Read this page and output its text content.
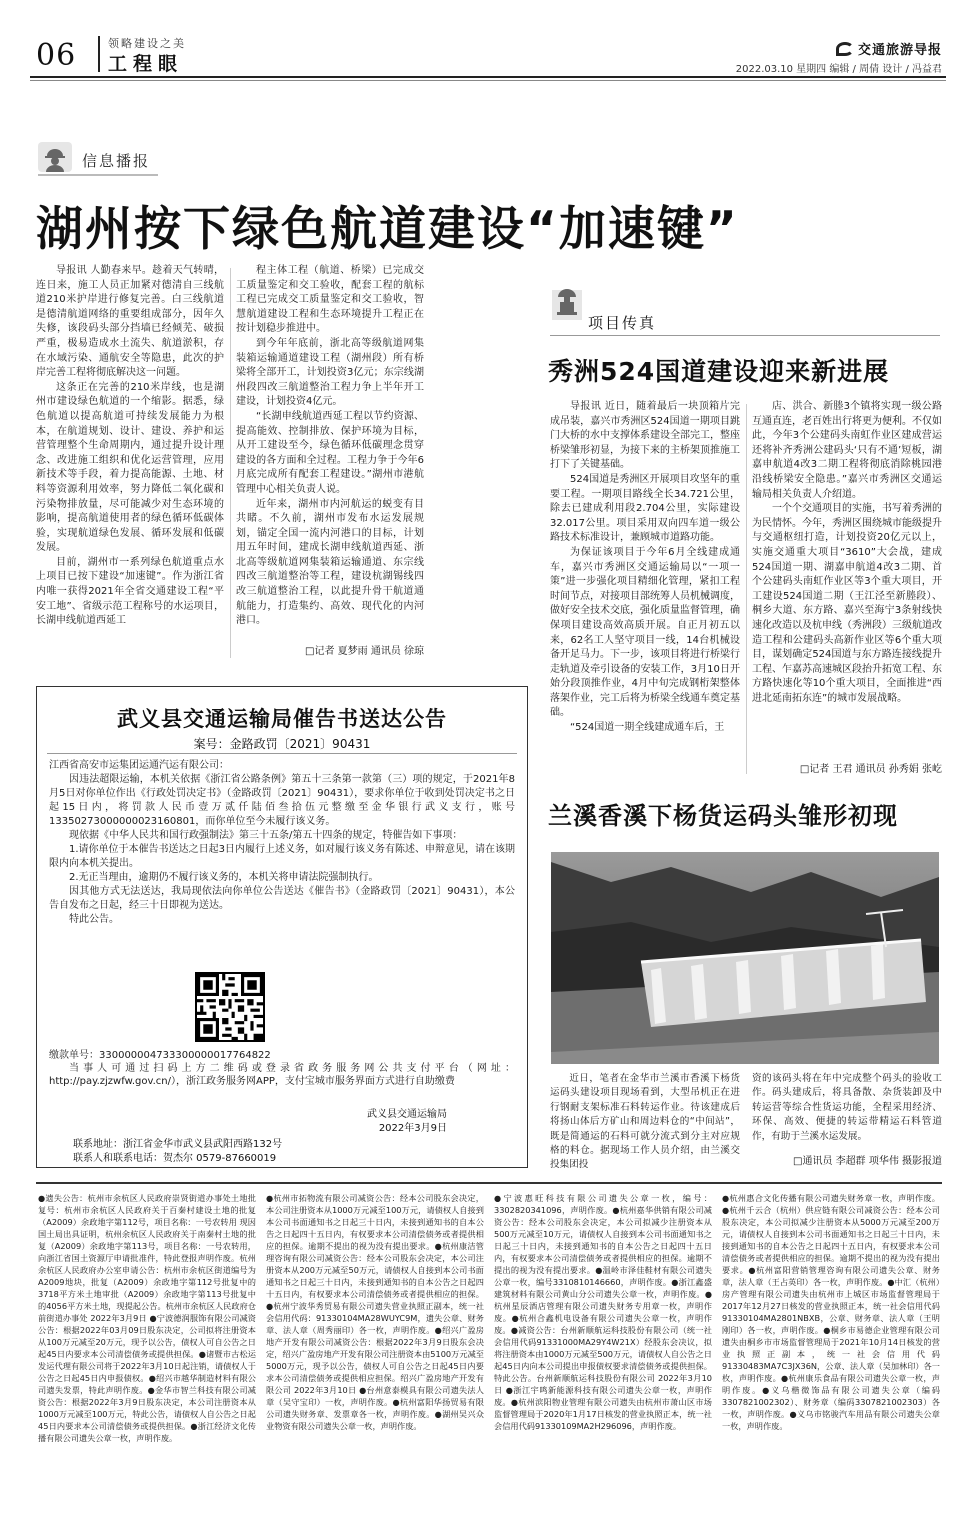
06	领略建设之美
工程眼
交通旅游导报
2022.03.10 星期四 编辑 / 周倩 设计 / 冯益君
信息播报
湖州按下绿色航道建设“加速键”

导报讯 人勤春来早。趁着天气转晴，连日来，施工人员正加紧对德清自三线航道210米护岸进行修复完善。白三线航道是德清航道网络的重要组成部分，因年久失修，该段码头部分挡墙已经倾芜、破损严重，极易造成水土流失、航道淤积，存在水域污染、通航安全等隐患，此次的护岸完善工程将彻底解决这一问题。

这条正在完善的210米岸线，也是湖州市建设绿色航道的一个缩影。据悉，绿色航道以提高航道可持续发展能力为根本，在航道规划、设计、建设、养护和运营管理整个生命周期内，通过提升设计理念、改进施工组织和优化运营管理，应用新技术等手段，着力提高能源、土地、材料等资源利用效率，努力降低二氧化碳和污染物排放量，尽可能减少对生态环境的影响，提高航道使用者的绿色循环低碳体验，实现航道绿色发展、循环发展和低碳发展。

目前，湖州市一系列绿色航道重点水上项目已按下建设“加速键”。作为浙江省内唯一获得2021年全省交通建设工程“平安工地”、省级示范工程称号的水运项目，长湖申线航道西延工

程主体工程（航道、桥梁）已完成交工质量鉴定和交工验收，配套工程的航标工程已完成交工质量鉴定和交工验收，智慧航道建设工程和生态环境提升工程正在按计划稳步推进中。

到今年年底前，浙北高等级航道网集装箱运输通道建设工程（湖州段）所有桥梁将全部开工，计划投资3亿元；东宗线湖州段四改三航道整治工程力争上半年开工建设，计划投资4亿元。

“长湖申线航道西延工程以节约资源、提高能效、控制排放、保护环境为目标，从开工建设至今，绿色循环低碳理念贯穿建设的各方面和全过程。工程力争于今年6月底完成所有配套工程建设。”湖州市港航管理中心相关负责人说。

近年来，湖州市内河航运的蜕变有目共睹。不久前，湖州市发布水运发展规划，锚定全国一流内河港口的目标，计划用五年时间，建成长湖申线航道西延、浙北高等级航道网集装箱运输通道、东宗线四改三航道整治等工程，建设杭湖锡线四改三航道整治工程，以此提升骨干航道通航能力，打造集约、高效、现代化的内河港口。

□记者 夏梦雨 通讯员 徐琼
项目传真
秀洲524国道建设迎来新进展

导报讯 近日，随着最后一块顶箱片完成吊装，嘉兴市秀洲区524国道一期项目跳门大桥的水中支撑体系建设全部完工，整座桥梁雏形初显，为接下来的主桥架顶推施工打下了关键基础。

524国道是秀洲区开展项目攻坚年的重要工程。一期项目路线全长34.721公里，除去已建成利用段2.704公里，实际建设32.017公里。项目采用双向四车道一级公路技术标准设计，兼顾城市道路功能。

为保证该项目于今年6月全线建成通车，嘉兴市秀洲区交通运输局以“一项一策”进一步强化项目精细化管理，紧扣工程时间节点，对接项目部统筹人员机械调度，做好安全技术交底，强化质量监督管理，确保项目建设高效高质开展。自正月初五以来，62名工人坚守项目一线，14台机械设备开足马力。下一步，该项目将进行桥梁行走轨道及牵引设备的安装工作，3月10日开始分段顶推作业，4月中旬完成钢桁架整体落架作业，完工后将为桥梁全线通车奠定基础。

“524国道一期全线建成通车后，王

店、洪合、新塍3个镇将实现一级公路互通直连，老百姓出行将更为便利。不仅如此，今年3个公建码头南虹作业区建成营运还将补齐秀洲公建码头‘只有不通’短板，湖嘉申航道4改3二期工程将彻底消除桃园港沿线桥梁安全隐患。”嘉兴市秀洲区交通运输局相关负责人介绍道。

一个个交通项目的实施，书写着秀洲的为民情怀。今年，秀洲区围绕城市能级提升与交通枢纽打造，计划投资20亿元以上，实施交通重大项目“3610”大会战，建成524国道一期、湖嘉申航道4改3二期、首个公建码头南虹作业区等3个重大项目，开工建设524国道二期（王江泾至新塍段）、桐乡大道、东方路、嘉兴至海宁3条射线快速化改造以及杭申线（秀洲段）三级航道改造工程和公建码头高新作业区等6个重大项目，谋划确定524国道与东方路连接线提升工程、乍嘉苏高速城区段抬升拓宽工程、东方路快速化等10个重大项目，全面推进“西进北延南拓东连”的城市发展战略。

□记者 王君 通讯员 孙秀娟 张屹
武义县交通运输局催告书送达公告
案号：金路政罚〔2021〕90431
江西省高安市运集团运通汽运有限公司：

因违法超限运输，本机关依据《浙江省公路条例》第五十三条第一款第（三）项的规定，于2021年8月5日对你单位作出《行政处罚决定书》（金路政罚〔2021〕90431），要求你单位于收到处罚决定书之日起15日内，将罚款人民币壹万贰仟陆佰叁拾伍元整缴至金华银行武义支行，账号13350273000000023160801，而你单位至今未履行该义务。

现依据《中华人民共和国行政强制法》第三十五条/第五十四条的规定，特催告如下事项：

1.请你单位于本催告书送达之日起3日内履行上述义务，如对履行该义务有陈述、申辩意见，请在该期限内向本机关提出。

2.无正当理由，逾期仍不履行该义务的，本机关将申请法院强制执行。

因其他方式无法送达，我局现依法向你单位公告送达《催告书》（金路政罚〔2021〕90431），本公告自发布之日起，经三十日即视为送达。

特此公告。

缴款单号：330000004733300000017764822

当事人可通过扫码上方二维码或登录省政务服务网公共支付平台（网址：http://pay.zjzwfw.gov.cn/），浙江政务服务网APP，支付宝城市服务界面方式进行自助缴费

武义县交通运输局
2022年3月9日
联系地址：浙江省金华市武义县武阳西路132号
联系人和联系电话：贺杰尔 0579-87660019
兰溪香溪下杨货运码头雏形初现

近日，笔者在金华市兰溪市香溪下杨货运码头建设项目现场看到，大型吊机正在进行钢耐支架标准石料转运作业。待该建成后将扬山体后方矿山和周边料仓的“中间站”，既是简通运的石料可就分流式到分主对应规格的料仓。据现场工作人员介绍，由兰溪交投集团投

资的该码头将在年中完成整个码头的验收工作。码头建成后，将具备散、杂货装卸及中转运营等综合性货运功能，全程采用经济、环保、高效、便捷的转运带精运石料管道作，有助于兰溪水运发展。

□通讯员 李超群 项华伟 摄影报道
●遗失公告：杭州市余杭区人民政府崇贤街道办事处土地批复号：杭州市余杭区人民政府关于百秦村建设土地的批复（A2009）余政地字第112号，项目名称：一号农转用 现因国土局出具证明，杭州余杭区人民政府关于南秦村土地的批复（A2009）余政地字第113号，项目名称：一号农转用，向浙江省国土资源厅申请批准件，特此登报声明作废。杭州余杭区人民政府办公室申请公告：杭州市余杭区街道编号为A2009地块，批复（A2009）余政地字第112号批复中的3718平方米土地审批（A2009）余政地字第113号批复中的4056平方米土地，现提起公告。杭州市余杭区人民政府仓前街道办事处 2022年3月9日 ●宁波德润服饰有限公司减资公告：根据2022年03月09日股东决定，公司拟将注册资本从100万元减至20万元，现予以公告，债权人可自公告之日起45日内要求本公司清偿债务或提供担保。●诸暨市古松运发运代理有限公司将于2022年3月10日起注销，请债权人于公告之日起45日内申报债权。●绍兴市越华制造材料有限公司遗失发票，特此声明作废。●金华市智兰科技有限公司减资公告：根据2022年3月9日股东决定，本公司注册资本从1000万元减至100万元，特此公告，请债权人自公告之日起45日内要求本公司清偿债务或提供担保。●浙江经济文化传播有限公司遗失公章一枚，声明作废。
●杭州市拓物流有限公司减资公告：经本公司股东会决定，本公司注册资本从1000万元减至100万元，请债权人自接到本公司书面通知书之日起三十日内，未接到通知书的自本公告之日起四十五日内，有权要求本公司清偿债务或者提供相应的担保。逾期不提出的视为没有提出要求。●杭州康洁管理咨询有限公司减资公告：经本公司股东会决定，本公司注册资本从200万元减至50万元，请债权人自接到本公司书面通知书之日起三十日内，未接到通知书的自本公告之日起四十五日内，有权要求本公司清偿债务或者提供相应的担保。●杭州宁波华秀贸易有限公司遗失营业执照正副本，统一社会信用代码：91330104MA28WUYC9M，遗失公章、财务章、法人章（周秀丽印）各一枚，声明作废。●绍兴广盈房地产开发有限公司减资公告：根据2022年3月9日股东会决定，绍兴广盈房地产开发有限公司注册资本由5100万元减至5000万元，现予以公告，债权人可自公告之日起45日内要求本公司清偿债务或提供相应担保。绍兴广盈房地产开发有限公司 2022年3月10日 ●台州意泰模具有限公司遗失法人章（吴守宝印）一枚，声明作废。●杭州富阳华扬贸易有限公司遗失财务章、发票章各一枚，声明作废。●湖州吴兴众业物资有限公司遗失公章一枚，声明作废。
●宁波惠旺科技有限公司遗失公章一枚，编号：3302820341096，声明作废。●杭州嘉华供销有限公司减资公告：经本公司股东会决定，本公司拟减少注册资本从500万元减至10万元，请债权人自接到本公司书面通知书之日起三十日内，未接到通知书的自本公告之日起四十五日内，有权要求本公司清偿债务或者提供相应的担保。逾期不提出的视为没有提出要求。●温岭市泽佳鞋材有限公司遗失公章一枚，编号3310810146660，声明作废。●浙江鑫盛建筑材料有限公司黄山分公司遗失公章一枚，声明作废。●杭州星辰酒店管理有限公司遗失财务专用章一枚，声明作废。●杭州合鑫机电设备有限公司遗失公章一枚，声明作废。●减资公告：台州新顺航运科技股份有限公司（统一社会信用代码91331000MA29Y4W21X）经股东会决议，拟将注册资本由1000万元减至500万元，请债权人自公告之日起45日内向本公司提出申报债权要求清偿债务或提供担保。特此公告。台州新顺航运科技股份有限公司 2022年3月10日 ●浙江宇鸣新能源科技有限公司遗失公章一枚，声明作废。●杭州滨阳物业管理有限公司遗失由杭州市萧山区市场监督管理局于2020年1月17日核发的营业执照正本，统一社会信用代码91330109MA2H296096，声明作废。
●杭州惠合文化传播有限公司遗失财务章一枚，声明作废。●杭州千云合（杭州）供应链有限公司减资公告：经本公司股东决定，本公司拟减少注册资本从5000万元减至200万元，请债权人自接到本公司书面通知书之日起三十日内，未接到通知书的自本公告之日起四十五日内，有权要求本公司清偿债务或者提供相应的担保。逾期不提出的视为没有提出要求。●杭州富阳营销管理咨询有限公司遗失公章、财务章，法人章（王占英印）各一枚，声明作废。●中汇（杭州）房产管理有限公司遗失由杭州市上城区市场监督管理局于2017年12月27日核发的营业执照正本，统一社会信用代码91330104MA2801NBXB，公章、财务章、法人章（王明刚印）各一枚，声明作废。●桐乡市易德企业管理有限公司遗失由桐乡市市场监督管理局于2021年10月14日核发的营业执照正副本，统一社会信用代码91330483MA7C3JX36N，公章、法人章（吴加林印）各一枚，声明作废。●杭州康乐食品有限公司遗失公章一枚，声明作废。●义乌楷微饰品有限公司遗失公章（编码3307821002302）、财务章（编码3307821002303）各一枚，声明作废。●义乌市铭骏汽车用品有限公司遗失公章一枚，声明作废。
